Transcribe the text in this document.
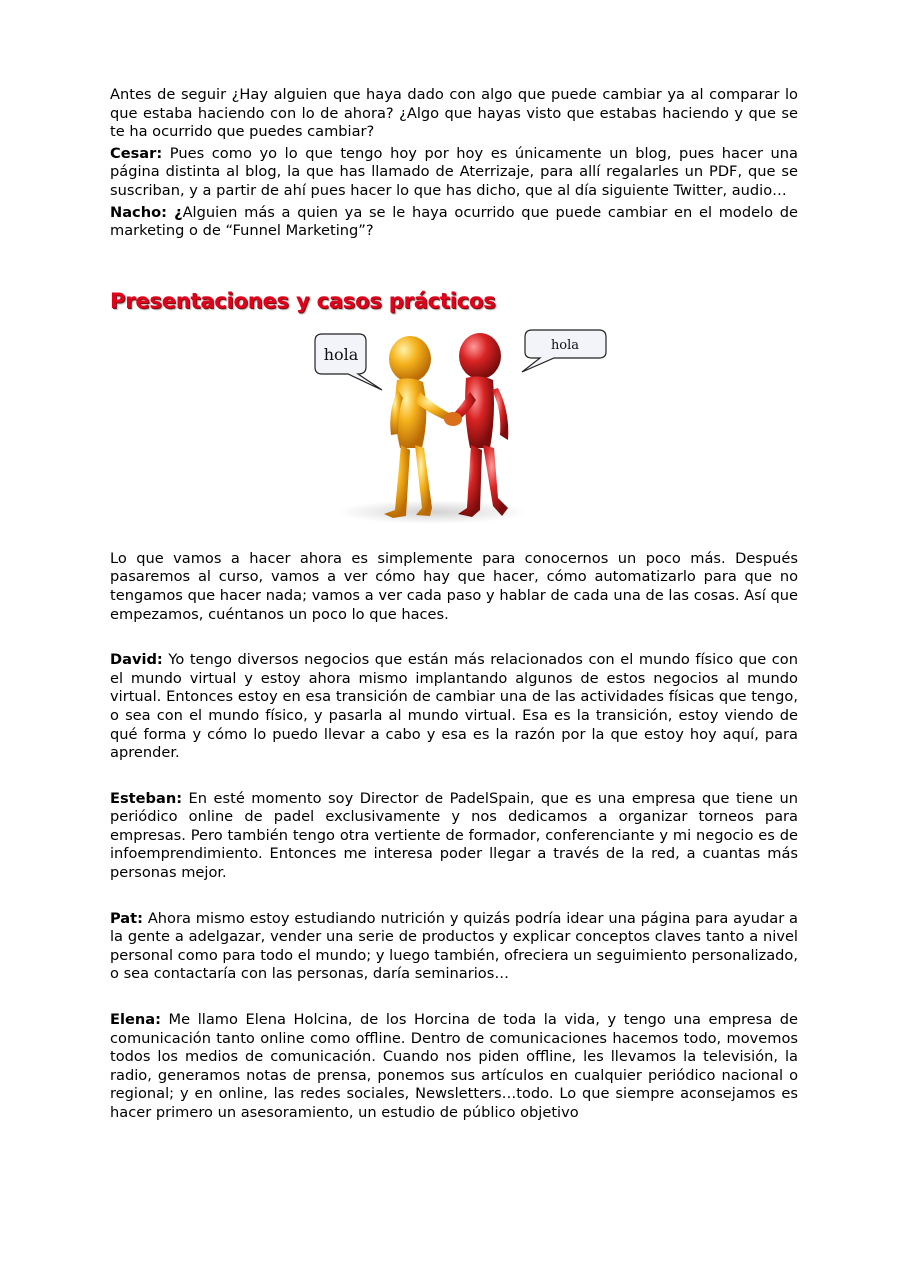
Antes de seguir ¿Hay alguien que haya dado con algo que puede cambiar ya al comparar lo que estaba haciendo con lo de ahora? ¿Algo que hayas visto que estabas haciendo y que se te ha ocurrido que puedes cambiar?

Cesar: Pues como yo lo que tengo hoy por hoy es únicamente un blog, pues hacer una página distinta al blog, la que has llamado de Aterrizaje, para allí regalarles un PDF, que se suscriban, y a partir de ahí pues hacer lo que has dicho, que al día siguiente Twitter, audio…

Nacho: ¿Alguien más a quien ya se le haya ocurrido que puede cambiar en el modelo de marketing o de “Funnel Marketing”?

Presentaciones y casos prácticos
hola	hola

Lo que vamos a hacer ahora es simplemente para conocernos un poco más. Después pasaremos al curso, vamos a ver cómo hay que hacer, cómo automatizarlo para que no tengamos que hacer nada; vamos a ver cada paso y hablar de cada una de las cosas. Así que empezamos, cuéntanos un poco lo que haces.

David: Yo tengo diversos negocios que están más relacionados con el mundo físico que con el mundo virtual y estoy ahora mismo implantando algunos de estos negocios al mundo virtual. Entonces estoy en esa transición de cambiar una de las actividades físicas que tengo, o sea con el mundo físico, y pasarla al mundo virtual. Esa es la transición, estoy viendo de qué forma y cómo lo puedo llevar a cabo y esa es la razón por la que estoy hoy aquí, para aprender.

Esteban: En esté momento soy Director de PadelSpain, que es una empresa que tiene un periódico online de padel exclusivamente y nos dedicamos a organizar torneos para empresas. Pero también tengo otra vertiente de formador, conferenciante y mi negocio es de infoemprendimiento. Entonces me interesa poder llegar a través de la red, a cuantas más personas mejor.

Pat: Ahora mismo estoy estudiando nutrición y quizás podría idear una página para ayudar a la gente a adelgazar, vender una serie de productos y explicar conceptos claves tanto a nivel personal como para todo el mundo; y luego también, ofreciera un seguimiento personalizado, o sea contactaría con las personas, daría seminarios…

Elena: Me llamo Elena Holcina, de los Horcina de toda la vida, y tengo una empresa de comunicación tanto online como offline. Dentro de comunicaciones hacemos todo, movemos todos los medios de comunicación. Cuando nos piden offline, les llevamos la televisión, la radio, generamos notas de prensa, ponemos sus artículos en cualquier periódico nacional o regional; y en online, las redes sociales, Newsletters…todo. Lo que siempre aconsejamos es hacer primero un asesoramiento, un estudio de público objetivo
